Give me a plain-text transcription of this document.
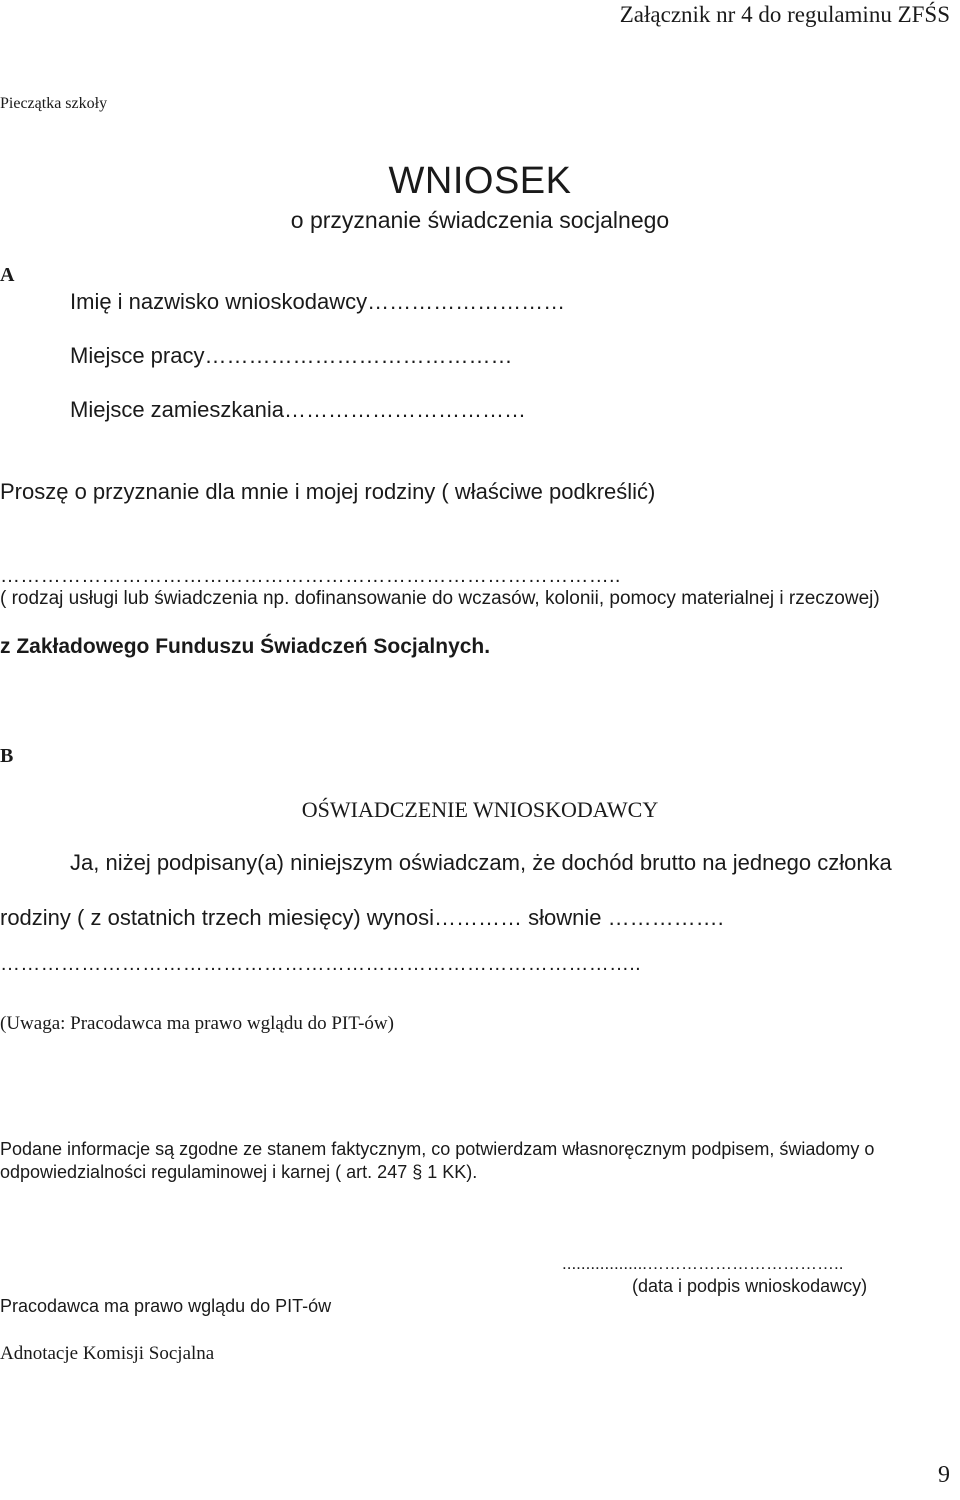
Załącznik nr 4 do regulaminu ZFŚS
Pieczątka szkoły
WNIOSEK
o przyznanie świadczenia socjalnego
A
Imię i nazwisko wnioskodawcy………………………
Miejsce pracy……………………………………
Miejsce zamieszkania……………………………
Proszę o przyznanie dla mnie i mojej rodziny ( właściwe podkreślić)
………………………………………………………………………………..
( rodzaj usługi lub świadczenia np. dofinansowanie do wczasów, kolonii, pomocy materialnej i rzeczowej)
z Zakładowego Funduszu Świadczeń Socjalnych.
B
OŚWIADCZENIE WNIOSKODAWCY
Ja, niżej podpisany(a) niniejszym oświadczam, że dochód brutto na jednego członka
rodziny ( z ostatnich trzech miesięcy) wynosi………… słownie …………….
…………………………………………………………………………………..
(Uwaga: Pracodawca ma prawo wglądu do PIT-ów)
Podane informacje są zgodne ze stanem faktycznym, co potwierdzam własnoręcznym podpisem, świadomy o odpowiedzialności regulaminowej i karnej ( art. 247 § 1 KK).
..................……………………………..
(data i podpis wnioskodawcy)
Pracodawca ma prawo wglądu do PIT-ów
Adnotacje Komisji Socjalna
9
